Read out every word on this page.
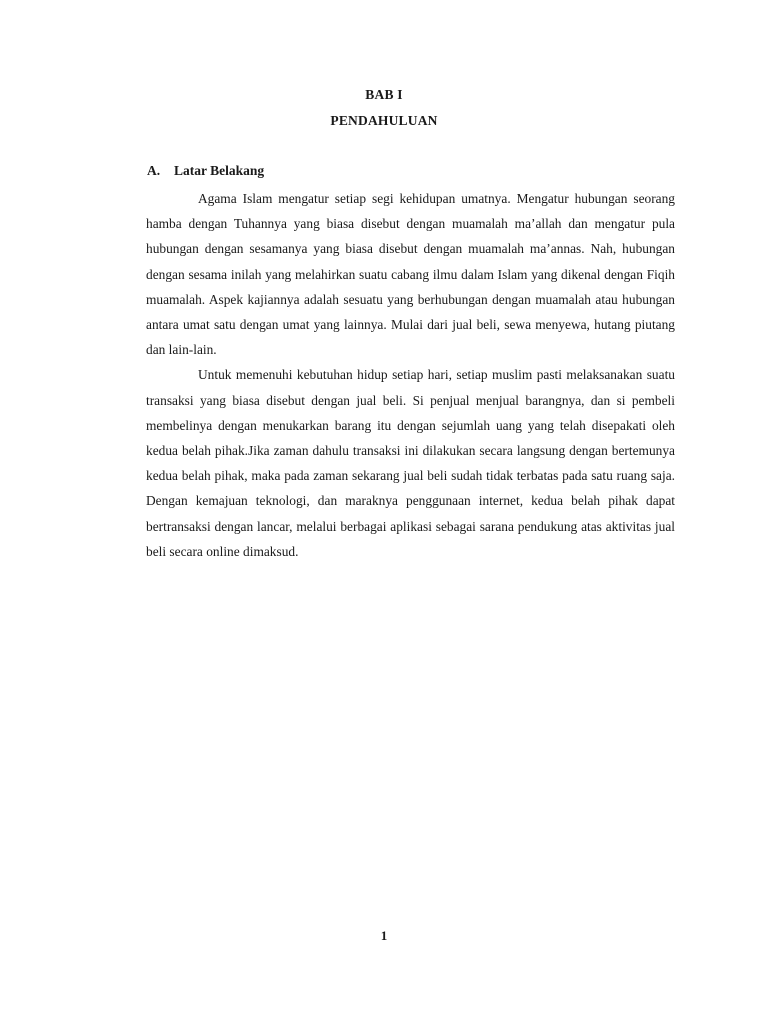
BAB I
PENDAHULUAN
A. Latar Belakang

Agama Islam mengatur setiap segi kehidupan umatnya. Mengatur hubungan seorang hamba dengan Tuhannya yang biasa disebut dengan muamalah ma’allah dan mengatur pula hubungan dengan sesamanya yang biasa disebut dengan muamalah ma’annas. Nah, hubungan dengan sesama inilah yang melahirkan suatu cabang ilmu dalam Islam yang dikenal dengan Fiqih muamalah. Aspek kajiannya adalah sesuatu yang berhubungan dengan muamalah atau hubungan antara umat satu dengan umat yang lainnya. Mulai dari jual beli, sewa menyewa, hutang piutang dan lain-lain.

Untuk memenuhi kebutuhan hidup setiap hari, setiap muslim pasti melaksanakan suatu transaksi yang biasa disebut dengan jual beli. Si penjual menjual barangnya, dan si pembeli membelinya dengan menukarkan barang itu dengan sejumlah uang yang telah disepakati oleh kedua belah pihak.Jika zaman dahulu transaksi ini dilakukan secara langsung dengan bertemunya kedua belah pihak, maka pada zaman sekarang jual beli sudah tidak terbatas pada satu ruang saja. Dengan kemajuan teknologi, dan maraknya penggunaan internet, kedua belah pihak dapat bertransaksi dengan lancar, melalui berbagai aplikasi sebagai sarana pendukung atas aktivitas jual beli secara online dimaksud.

1
